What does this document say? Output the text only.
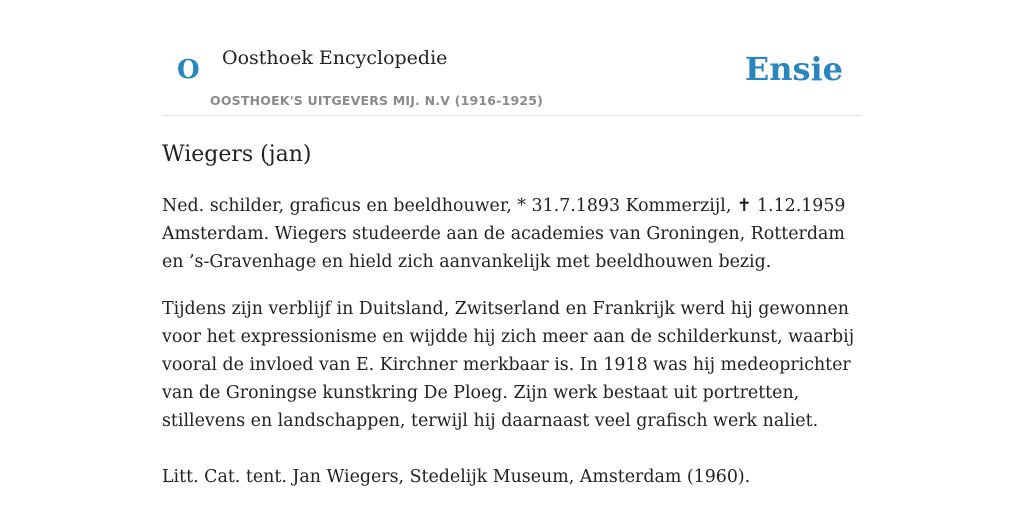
O Oosthoek Encyclopedie
OOSTHOEK'S UITGEVERS MIJ. N.V (1916-1925)
Ensie
Wiegers (jan)

Ned. schilder, graficus en beeldhouwer, * 31.7.1893 Kommerzijl, ✝ 1.12.1959 Amsterdam. Wiegers studeerde aan de academies van Groningen, Rotterdam en ’s-Gravenhage en hield zich aanvankelijk met beeldhouwen bezig.

Tijdens zijn verblijf in Duitsland, Zwitserland en Frankrijk werd hij gewonnen voor het expressionisme en wijdde hij zich meer aan de schilderkunst, waarbij vooral de invloed van E. Kirchner merkbaar is. In 1918 was hij medeoprichter van de Groningse kunstkring De Ploeg. Zijn werk bestaat uit portretten, stillevens en landschappen, terwijl hij daarnaast veel grafisch werk naliet.

Litt. Cat. tent. Jan Wiegers, Stedelijk Museum, Amsterdam (1960).
